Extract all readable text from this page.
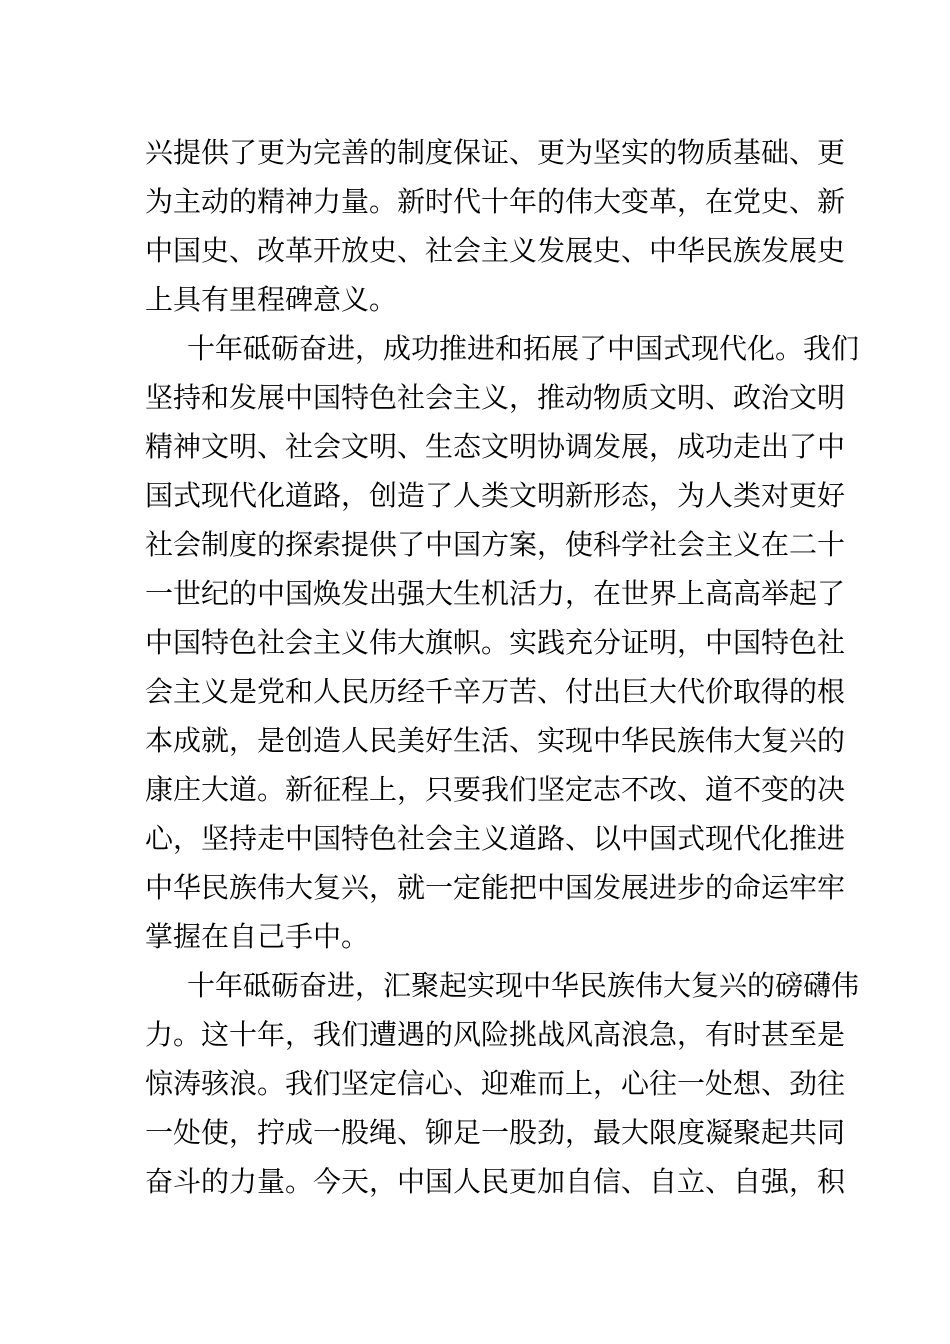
兴提供了更为完善的制度保证、更为坚实的物质基础、更
为主动的精神力量。新时代十年的伟大变革，在党史、新
中国史、改革开放史、社会主义发展史、中华民族发展史
上具有里程碑意义。
十年砥砺奋进，成功推进和拓展了中国式现代化。我们
坚持和发展中国特色社会主义，推动物质文明、政治文明
精神文明、社会文明、生态文明协调发展，成功走出了中
国式现代化道路，创造了人类文明新形态，为人类对更好
社会制度的探索提供了中国方案，使科学社会主义在二十
一世纪的中国焕发出强大生机活力，在世界上高高举起了
中国特色社会主义伟大旗帜。实践充分证明，中国特色社
会主义是党和人民历经千辛万苦、付出巨大代价取得的根
本成就，是创造人民美好生活、实现中华民族伟大复兴的
康庄大道。新征程上，只要我们坚定志不改、道不变的决
心，坚持走中国特色社会主义道路、以中国式现代化推进
中华民族伟大复兴，就一定能把中国发展进步的命运牢牢
掌握在自己手中。
十年砥砺奋进，汇聚起实现中华民族伟大复兴的磅礴伟
力。这十年，我们遭遇的风险挑战风高浪急，有时甚至是
惊涛骇浪。我们坚定信心、迎难而上，心往一处想、劲往
一处使，拧成一股绳、铆足一股劲，最大限度凝聚起共同
奋斗的力量。今天，中国人民更加自信、自立、自强，积
